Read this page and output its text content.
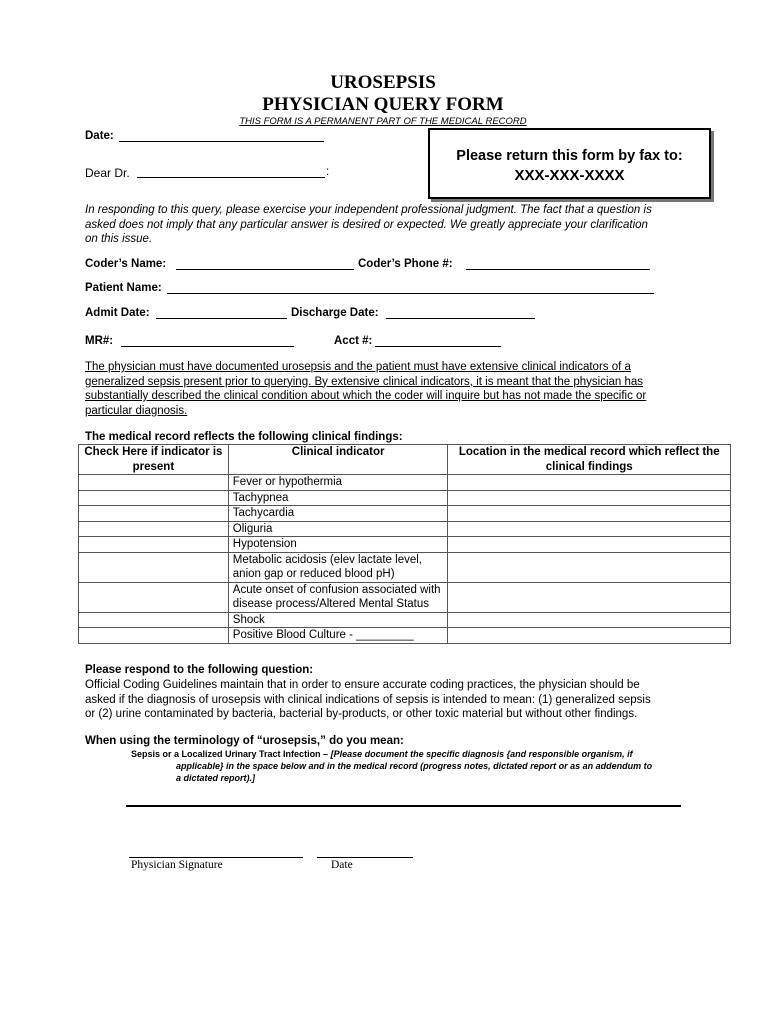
UROSEPSIS
PHYSICIAN QUERY FORM
THIS FORM IS A PERMANENT PART OF THE MEDICAL RECORD
Date:
Dear Dr.	:
Please return this form by fax to:
XXX-XXX-XXXX
In responding to this query, please exercise your independent professional judgment. The fact that a question is
asked does not imply that any particular answer is desired or expected. We greatly appreciate your clarification
on this issue.
Coder’s Name:	Coder’s Phone #:
Patient Name:
Admit Date:	Discharge Date:
MR#:	Acct #:
The physician must have documented urosepsis and the patient must have extensive clinical indicators of a
generalized sepsis present prior to querying. By extensive clinical indicators, it is meant that the physician has
substantially described the clinical condition about which the coder will inquire but has not made the specific or
particular diagnosis.
The medical record reflects the following clinical findings:
Check Here if indicator is present	Clinical indicator	Location in the medical record which reflect the clinical findings
	Fever or hypothermia	
	Tachypnea	
	Tachycardia	
	Oliguria	
	Hypotension	
	Metabolic acidosis (elev lactate level, anion gap or reduced blood pH)	
	Acute onset of confusion associated with disease process/Altered Mental Status	
	Shock	
	Positive Blood Culture - _________	
Please respond to the following question:
Official Coding Guidelines maintain that in order to ensure accurate coding practices, the physician should be
asked if the diagnosis of urosepsis with clinical indications of sepsis is intended to mean: (1) generalized sepsis
or (2) urine contaminated by bacteria, bacterial by-products, or other toxic material but without other findings.
When using the terminology of “urosepsis,” do you mean:
Sepsis or a Localized Urinary Tract Infection – [Please document the specific diagnosis {and responsible organism, if
applicable} in the space below and in the medical record (progress notes, dictated report or as an addendum to
a dictated report).]
Physician Signature	Date
